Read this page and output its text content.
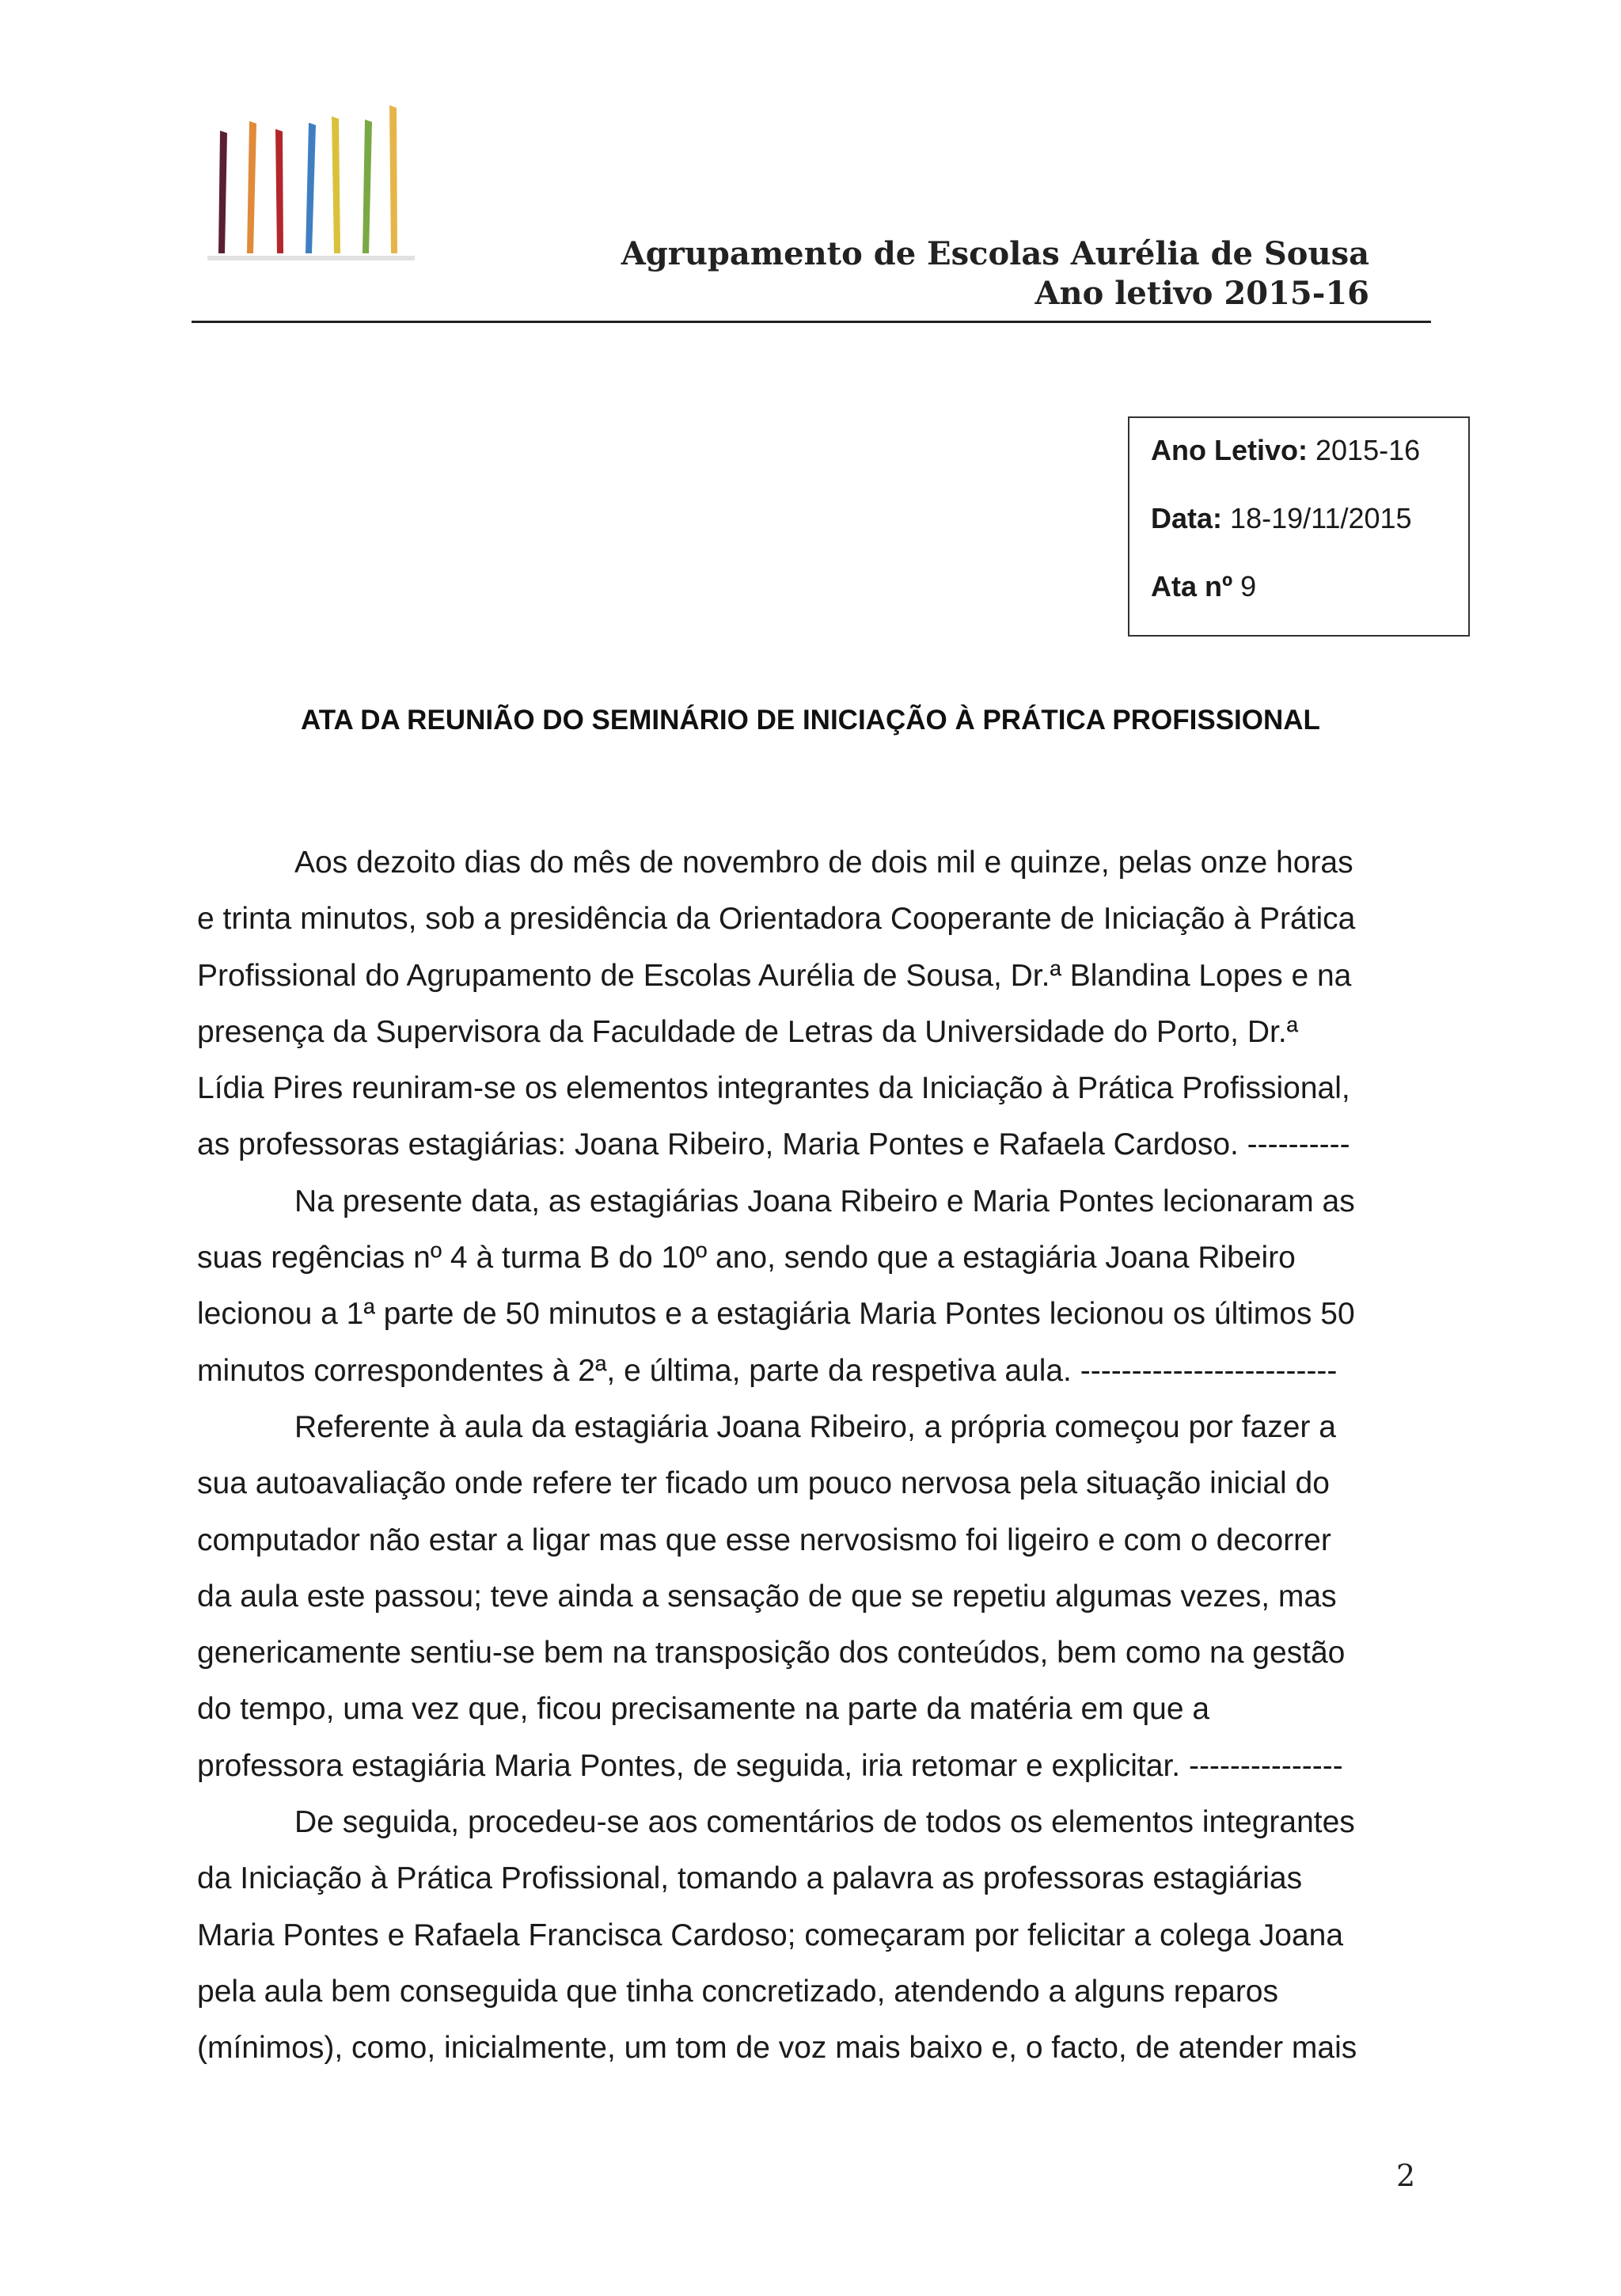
Agrupamento de Escolas Aurélia de Sousa
Ano letivo 2015-16
Ano Letivo: 2015-16
Data: 18-19/11/2015
Ata nº 9
ATA DA REUNIÃO DO SEMINÁRIO DE INICIAÇÃO À PRÁTICA PROFISSIONAL

Aos dezoito dias do mês de novembro de dois mil e quinze, pelas onze horas
e trinta minutos, sob a presidência da Orientadora Cooperante de Iniciação à Prática
Profissional do Agrupamento de Escolas Aurélia de Sousa, Dr.ª Blandina Lopes e na
presença da Supervisora da Faculdade de Letras da Universidade do Porto, Dr.ª
Lídia Pires reuniram-se os elementos integrantes da Iniciação à Prática Profissional,
as professoras estagiárias: Joana Ribeiro, Maria Pontes e Rafaela Cardoso. ----------

Na presente data, as estagiárias Joana Ribeiro e Maria Pontes lecionaram as
suas regências nº 4 à turma B do 10º ano, sendo que a estagiária Joana Ribeiro
lecionou a 1ª parte de 50 minutos e a estagiária Maria Pontes lecionou os últimos 50
minutos correspondentes à 2ª, e última, parte da respetiva aula. -------------------------

Referente à aula da estagiária Joana Ribeiro, a própria começou por fazer a
sua autoavaliação onde refere ter ficado um pouco nervosa pela situação inicial do
computador não estar a ligar mas que esse nervosismo foi ligeiro e com o decorrer
da aula este passou; teve ainda a sensação de que se repetiu algumas vezes, mas
genericamente sentiu-se bem na transposição dos conteúdos, bem como na gestão
do tempo, uma vez que, ficou precisamente na parte da matéria em que a
professora estagiária Maria Pontes, de seguida, iria retomar e explicitar. ---------------

De seguida, procedeu-se aos comentários de todos os elementos integrantes
da Iniciação à Prática Profissional, tomando a palavra as professoras estagiárias
Maria Pontes e Rafaela Francisca Cardoso; começaram por felicitar a colega Joana
pela aula bem conseguida que tinha concretizado, atendendo a alguns reparos
(mínimos), como, inicialmente, um tom de voz mais baixo e, o facto, de atender mais

2
